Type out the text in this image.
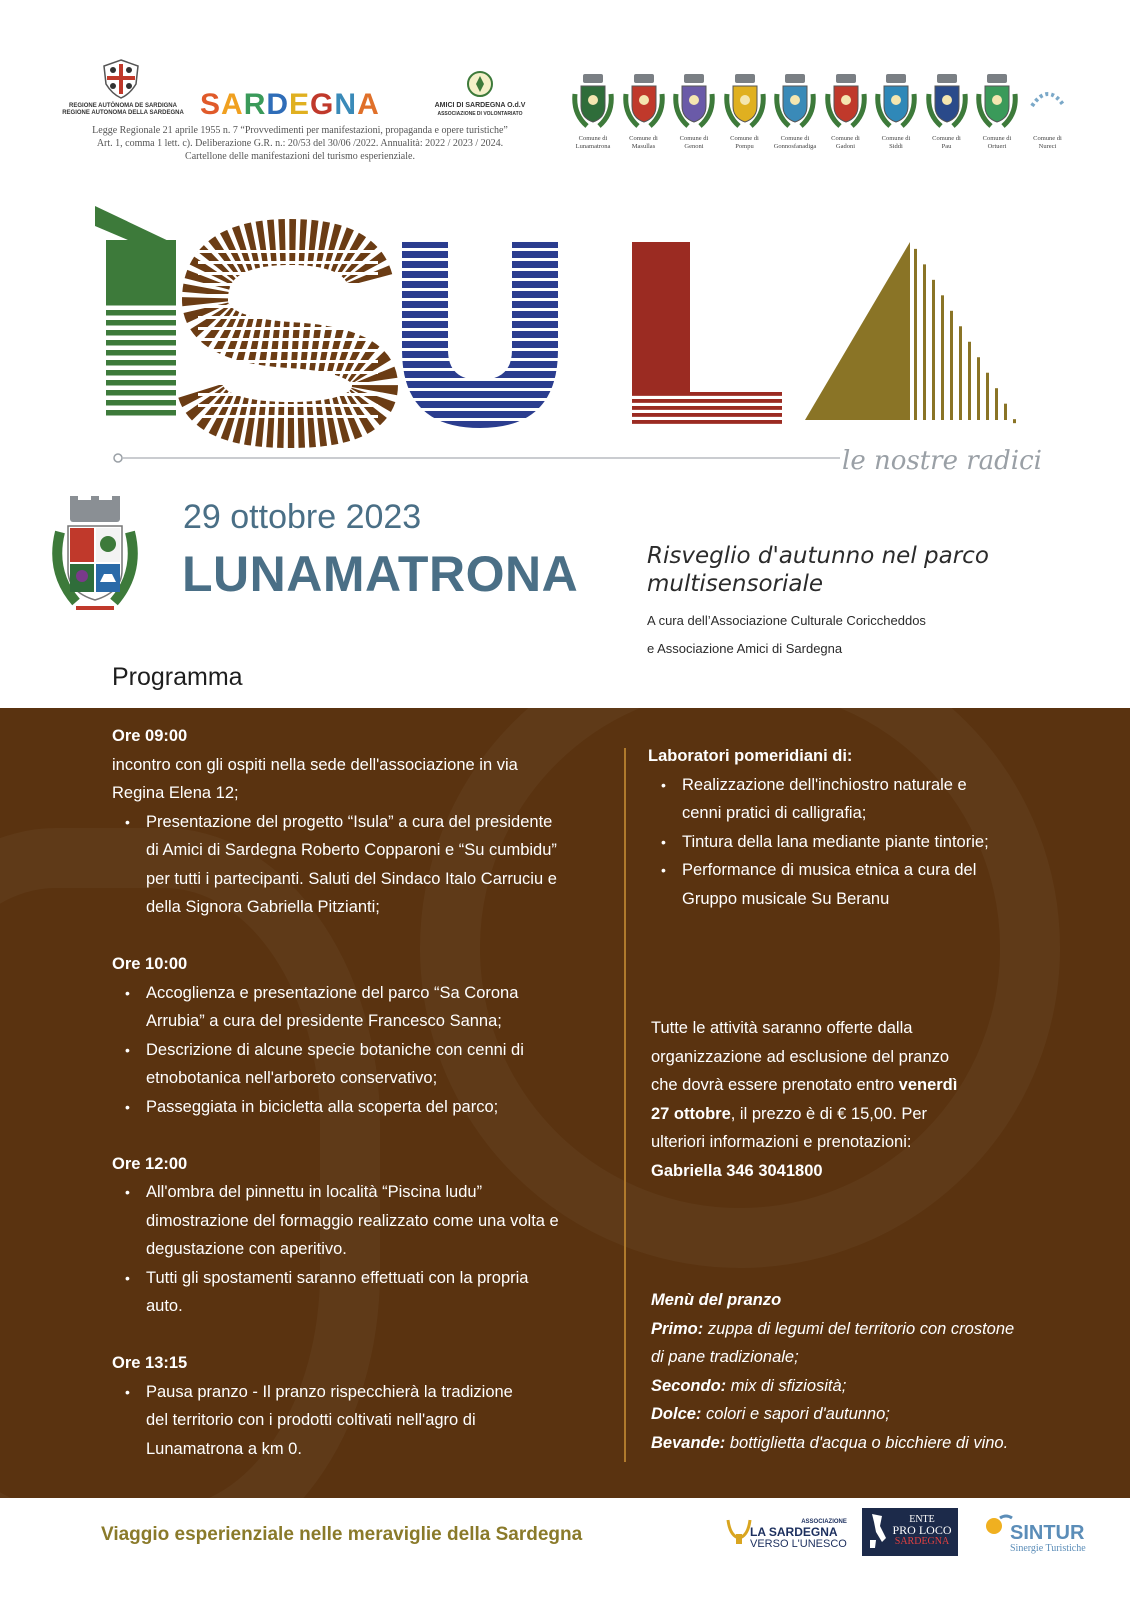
REGIONE AUTÒNOMA DE SARDIGNA
REGIONE AUTONOMA DELLA SARDEGNA SARDEGNA	AMICI DI SARDEGNA O.d.V
ASSOCIAZIONE DI VOLONTARIATO
Legge Regionale 21 aprile 1955 n. 7 “Provvedimenti per manifestazioni, propaganda e opere turistiche”
Art. 1, comma 1 lett. c). Deliberazione G.R. n.: 20/53 del 30/06 /2022. Annualità: 2022 / 2023 / 2024.
Cartellone delle manifestazioni del turismo esperienziale.
Comune di
Lunamatrona
Comune di
Masullas
Comune di
Genoni
Comune di
Pompu
Comune di
Gonnosfanadiga
Comune di
Gadoni
Comune di
Siddi
Comune di
Pau
Comune di
Ortueri
Comune di
Nureci
le nostre radici
29 ottobre 2023
LUNAMATRONA	Risveglio d'autunno nel parco
multisensoriale
A cura dell’Associazione Culturale Coriccheddos
e Associazione Amici di Sardegna
Programma
Ore 09:00
incontro con gli ospiti nella sede dell'associazione in via
Regina Elena 12;
• Presentazione del progetto “Isula” a cura del presidente
di Amici di Sardegna Roberto Copparoni e “Su cumbidu”
per tutti i partecipanti. Saluti del Sindaco Italo Carruciu e
della Signora Gabriella Pitzianti;
Ore 10:00
• Accoglienza e presentazione del parco “Sa Corona
Arrubia” a cura del presidente Francesco Sanna;
• Descrizione di alcune specie botaniche con cenni di
etnobotanica nell'arboreto conservativo;
• Passeggiata in bicicletta alla scoperta del parco;
Ore 12:00
• All'ombra del pinnettu in località “Piscina ludu”
dimostrazione del formaggio realizzato come una volta e
degustazione con aperitivo.
• Tutti gli spostamenti saranno effettuati con la propria
auto.
Ore 13:15
• Pausa pranzo - Il pranzo rispecchierà la tradizione
del territorio con i prodotti coltivati nell'agro di
Lunamatrona a km 0.
Laboratori pomeridiani di:
• Realizzazione dell'inchiostro naturale e
cenni pratici di calligrafia;
• Tintura della lana mediante piante tintorie;
• Performance di musica etnica a cura del
Gruppo musicale Su Beranu
Tutte le attività saranno offerte dalla
organizzazione ad esclusione del pranzo
che dovrà essere prenotato entro venerdì
27 ottobre, il prezzo è di € 15,00. Per
ulteriori informazioni e prenotazioni:
Gabriella 346 3041800
Menù del pranzo
Primo: zuppa di legumi del territorio con crostone
di pane tradizionale;
Secondo: mix di sfiziosità;
Dolce: colori e sapori d'autunno;
Bevande: bottiglietta d'acqua o bicchiere di vino.
Viaggio esperienziale nelle meraviglie della Sardegna
ASSOCIAZIONE
LA SARDEGNA
VERSO L'UNESCO
ENTE
PRO LOCO
SARDEGNA	SINTUR
Sinergie Turistiche
